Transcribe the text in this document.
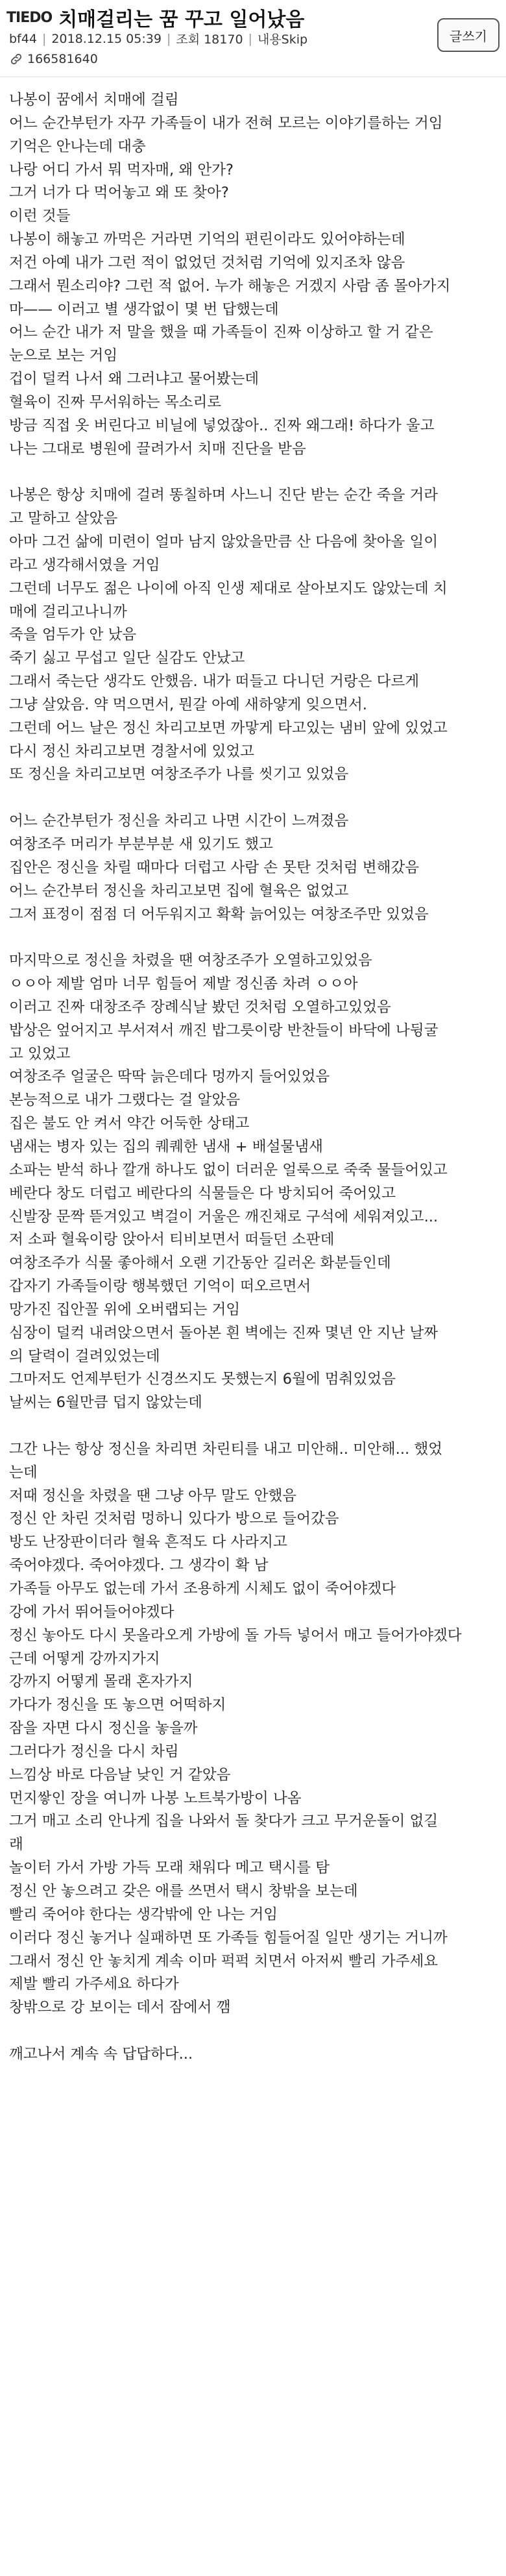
TIEDO 치매걸리는 꿈 꾸고 일어났음
bf44 | 2018.12.15 05:39 | 조회 18170 | 내용Skip
166581640
글쓰기
나봉이 꿈에서 치매에 걸림
어느 순간부턴가 자꾸 가족들이 내가 전혀 모르는 이야기를하는 거임
기억은 안나는데 대충
나랑 어디 가서 뭐 먹자매, 왜 안가?
그거 너가 다 먹어놓고 왜 또 찾아?
이런 것들
나봉이 해놓고 까먹은 거라면 기억의 편린이라도 있어야하는데
저건 아예 내가 그런 적이 없었던 것처럼 기억에 있지조차 않음
그래서 뭔소리야? 그런 적 없어. 누가 해놓은 거겠지 사람 좀 몰아가지
마—— 이러고 별 생각없이 몇 번 답했는데
어느 순간 내가 저 말을 했을 때 가족들이 진짜 이상하고 할 거 같은
눈으로 보는 거임
겁이 덜컥 나서 왜 그러냐고 물어봤는데
혈육이 진짜 무서워하는 목소리로
방금 직접 옷 버린다고 비닐에 넣었잖아.. 진짜 왜그래! 하다가 울고
나는 그대로 병원에 끌려가서 치매 진단을 받음
나봉은 항상 치매에 걸려 똥칠하며 사느니 진단 받는 순간 죽을 거라
고 말하고 살았음
아마 그건 삶에 미련이 얼마 남지 않았을만큼 산 다음에 찾아올 일이
라고 생각해서였을 거임
그런데 너무도 젊은 나이에 아직 인생 제대로 살아보지도 않았는데 치
매에 걸리고나니까
죽을 엄두가 안 났음
죽기 싫고 무섭고 일단 실감도 안났고
그래서 죽는단 생각도 안했음. 내가 떠들고 다니던 거랑은 다르게
그냥 살았음. 약 먹으면서, 뭔갈 아예 새하얗게 잊으면서.
그런데 어느 날은 정신 차리고보면 까맣게 타고있는 냄비 앞에 있었고
다시 정신 차리고보면 경찰서에 있었고
또 정신을 차리고보면 여창조주가 나를 씻기고 있었음
어느 순간부턴가 정신을 차리고 나면 시간이 느껴졌음
여창조주 머리가 부분부분 새 있기도 했고
집안은 정신을 차릴 때마다 더럽고 사람 손 못탄 것처럼 변해갔음
어느 순간부터 정신을 차리고보면 집에 혈육은 없었고
그저 표정이 점점 더 어두워지고 확확 늙어있는 여창조주만 있었음
마지막으로 정신을 차렸을 땐 여창조주가 오열하고있었음
ㅇㅇ아 제발 엄마 너무 힘들어 제발 정신좀 차려 ㅇㅇ아
이러고 진짜 대창조주 장례식날 봤던 것처럼 오열하고있었음
밥상은 엎어지고 부서져서 깨진 밥그릇이랑 반찬들이 바닥에 나뒹굴
고 있었고
여창조주 얼굴은 딱딱 늙은데다 멍까지 들어있었음
본능적으로 내가 그랬다는 걸 알았음
집은 불도 안 켜서 약간 어둑한 상태고
냄새는 병자 있는 집의 퀘퀘한 냄새 + 배설물냄새
소파는 받석 하나 깔개 하나도 없이 더러운 얼룩으로 죽죽 물들어있고
베란다 창도 더럽고 베란다의 식물들은 다 방치되어 죽어있고
신발장 문짝 뜯겨있고 벽걸이 거울은 깨진채로 구석에 세워져있고...
저 소파 혈육이랑 앉아서 티비보면서 떠들던 소판데
여창조주가 식물 좋아해서 오랜 기간동안 길러온 화분들인데
갑자기 가족들이랑 행복했던 기억이 떠오르면서
망가진 집안꼴 위에 오버랩되는 거임
심장이 덜컥 내려앉으면서 돌아본 흰 벽에는 진짜 몇년 안 지난 날짜
의 달력이 걸려있었는데
그마저도 언제부턴가 신경쓰지도 못했는지 6월에 멈춰있었음
날씨는 6월만큼 덥지 않았는데
그간 나는 항상 정신을 차리면 차린티를 내고 미안해.. 미안해... 했었
는데
저때 정신을 차렸을 땐 그냥 아무 말도 안했음
정신 안 차린 것처럼 멍하니 있다가 방으로 들어갔음
방도 난장판이더라 혈육 흔적도 다 사라지고
죽어야겠다. 죽어야겠다. 그 생각이 확 남
가족들 아무도 없는데 가서 조용하게 시체도 없이 죽어야겠다
강에 가서 뛰어들어야겠다
정신 놓아도 다시 못올라오게 가방에 돌 가득 넣어서 매고 들어가야겠다
근데 어떻게 강까지가지
강까지 어떻게 몰래 혼자가지
가다가 정신을 또 놓으면 어떡하지
잠을 자면 다시 정신을 놓을까
그러다가 정신을 다시 차림
느낌상 바로 다음날 낮인 거 같았음
먼지쌓인 장을 여니까 나봉 노트북가방이 나옴
그거 매고 소리 안나게 집을 나와서 돌 찾다가 크고 무거운돌이 없길
래
놀이터 가서 가방 가득 모래 채워다 메고 택시를 탐
정신 안 놓으려고 갖은 애를 쓰면서 택시 창밖을 보는데
빨리 죽어야 한다는 생각밖에 안 나는 거임
이러다 정신 놓거나 실패하면 또 가족들 힘들어질 일만 생기는 거니까
그래서 정신 안 놓치게 계속 이마 퍽퍽 치면서 아저씨 빨리 가주세요
제발 빨리 가주세요 하다가
창밖으로 강 보이는 데서 잠에서 깸
깨고나서 계속 속 답답하다...
